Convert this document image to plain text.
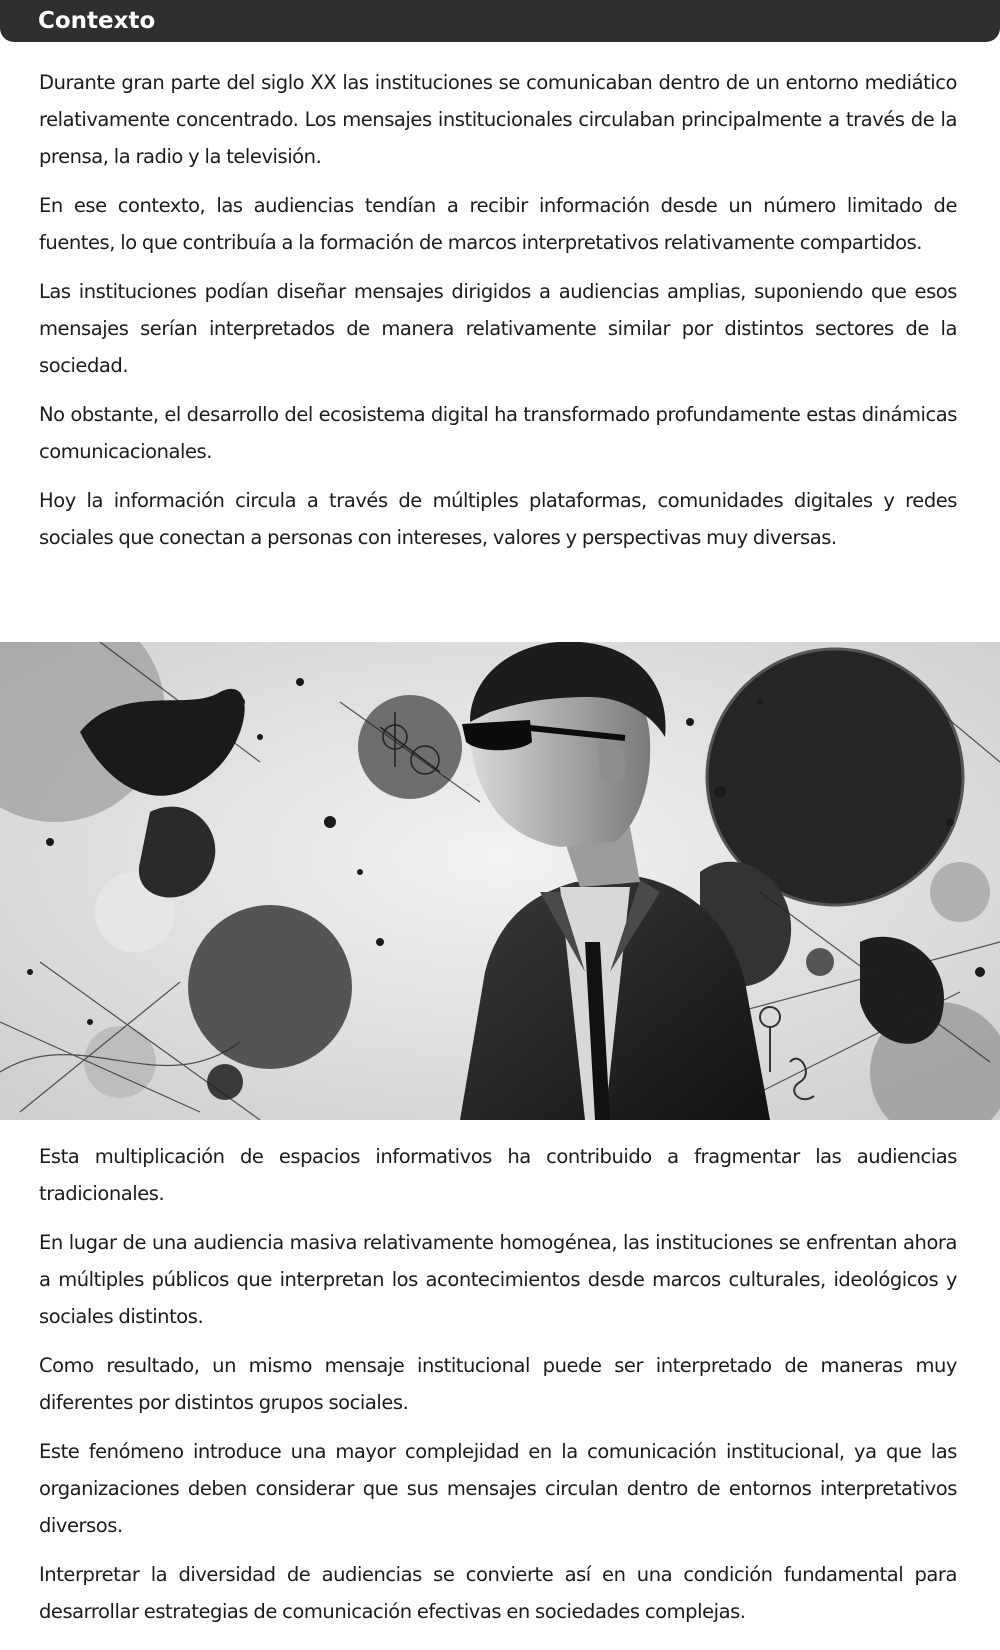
Contexto

Durante gran parte del siglo XX las instituciones se comunicaban dentro de un entorno mediático relativamente concentrado. Los mensajes institucionales circulaban principalmente a través de la prensa, la radio y la televisión.

En ese contexto, las audiencias tendían a recibir información desde un número limitado de fuentes, lo que contribuía a la formación de marcos interpretativos relativamente compartidos.

Las instituciones podían diseñar mensajes dirigidos a audiencias amplias, suponiendo que esos mensajes serían interpretados de manera relativamente similar por distintos sectores de la sociedad.

No obstante, el desarrollo del ecosistema digital ha transformado profundamente estas dinámicas comunicacionales.

Hoy la información circula a través de múltiples plataformas, comunidades digitales y redes sociales que conectan a personas con intereses, valores y perspectivas muy diversas.

Esta multiplicación de espacios informativos ha contribuido a fragmentar las audiencias tradicionales.

En lugar de una audiencia masiva relativamente homogénea, las instituciones se enfrentan ahora a múltiples públicos que interpretan los acontecimientos desde marcos culturales, ideológicos y sociales distintos.

Como resultado, un mismo mensaje institucional puede ser interpretado de maneras muy diferentes por distintos grupos sociales.

Este fenómeno introduce una mayor complejidad en la comunicación institucional, ya que las organizaciones deben considerar que sus mensajes circulan dentro de entornos interpretativos diversos.

Interpretar la diversidad de audiencias se convierte así en una condición fundamental para desarrollar estrategias de comunicación efectivas en sociedades complejas.
